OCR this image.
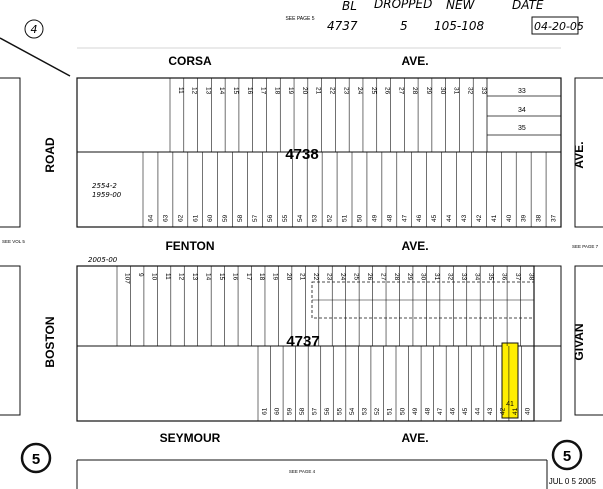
4
SEE PAGE 5
BL DROPPED NEW	DATE
4737	5 105-108	04-20-05
33
34
35
41
11 12 13 14 15 16 17 18 19 20 21 22 23 24 25 26 27 28 29 30 31 32 33
64 63 62 61 60 59 58 57 56 55 54 53 52 51 50 49 48 47 46 45 44 43 42 41 40 39 38 37
107 9 10 11 12 13 14 15 16 17 18 19 20 21 22 23 24 25 26 27 28 29 30 31 32 33 34 35 36 37 38
61 60 59 58 57 56 55 54 53 52 51 50 49 48 47 46 45 44 43 42 41 40
4738
4737
2554-2
1959-00
2005-00
CORSA	AVE.
FENTON	AVE.
SEYMOUR	AVE.
ROAD
BOSTON
AVE.
GIVAN
SEE VOL 5
SEE PAGE 7
SEE PAGE 4
5	5
JUL 0 5 2005
